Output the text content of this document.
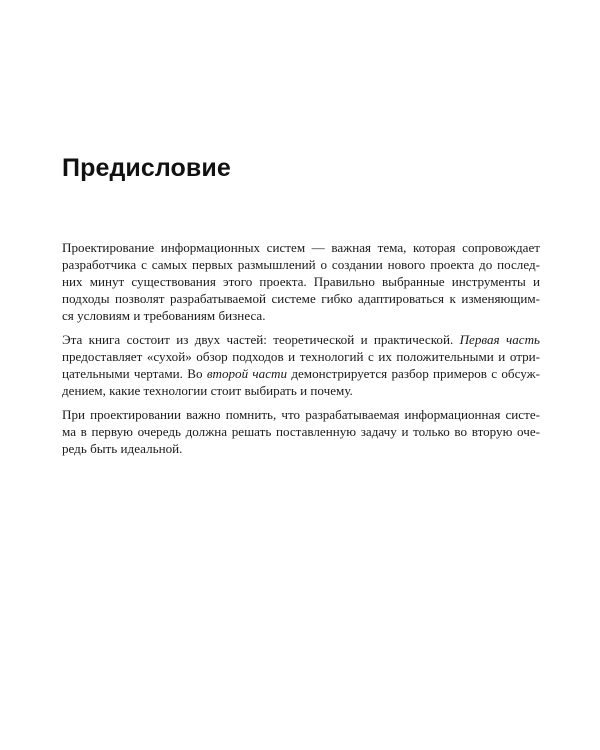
Предисловие

Проектирование информационных систем — важная тема, которая сопровождает
разработчика с самых первых размышлений о создании нового проекта до послед-
них минут существования этого проекта. Правильно выбранные инструменты и
подходы позволят разрабатываемой системе гибко адаптироваться к изменяющим-
ся условиям и требованиям бизнеса.

Эта книга состоит из двух частей: теоретической и практической. Первая часть
предоставляет «сухой» обзор подходов и технологий с их положительными и отри-
цательными чертами. Во второй части демонстрируется разбор примеров с обсуж-
дением, какие технологии стоит выбирать и почему.

При проектировании важно помнить, что разрабатываемая информационная систе-
ма в первую очередь должна решать поставленную задачу и только во вторую оче-
редь быть идеальной.
